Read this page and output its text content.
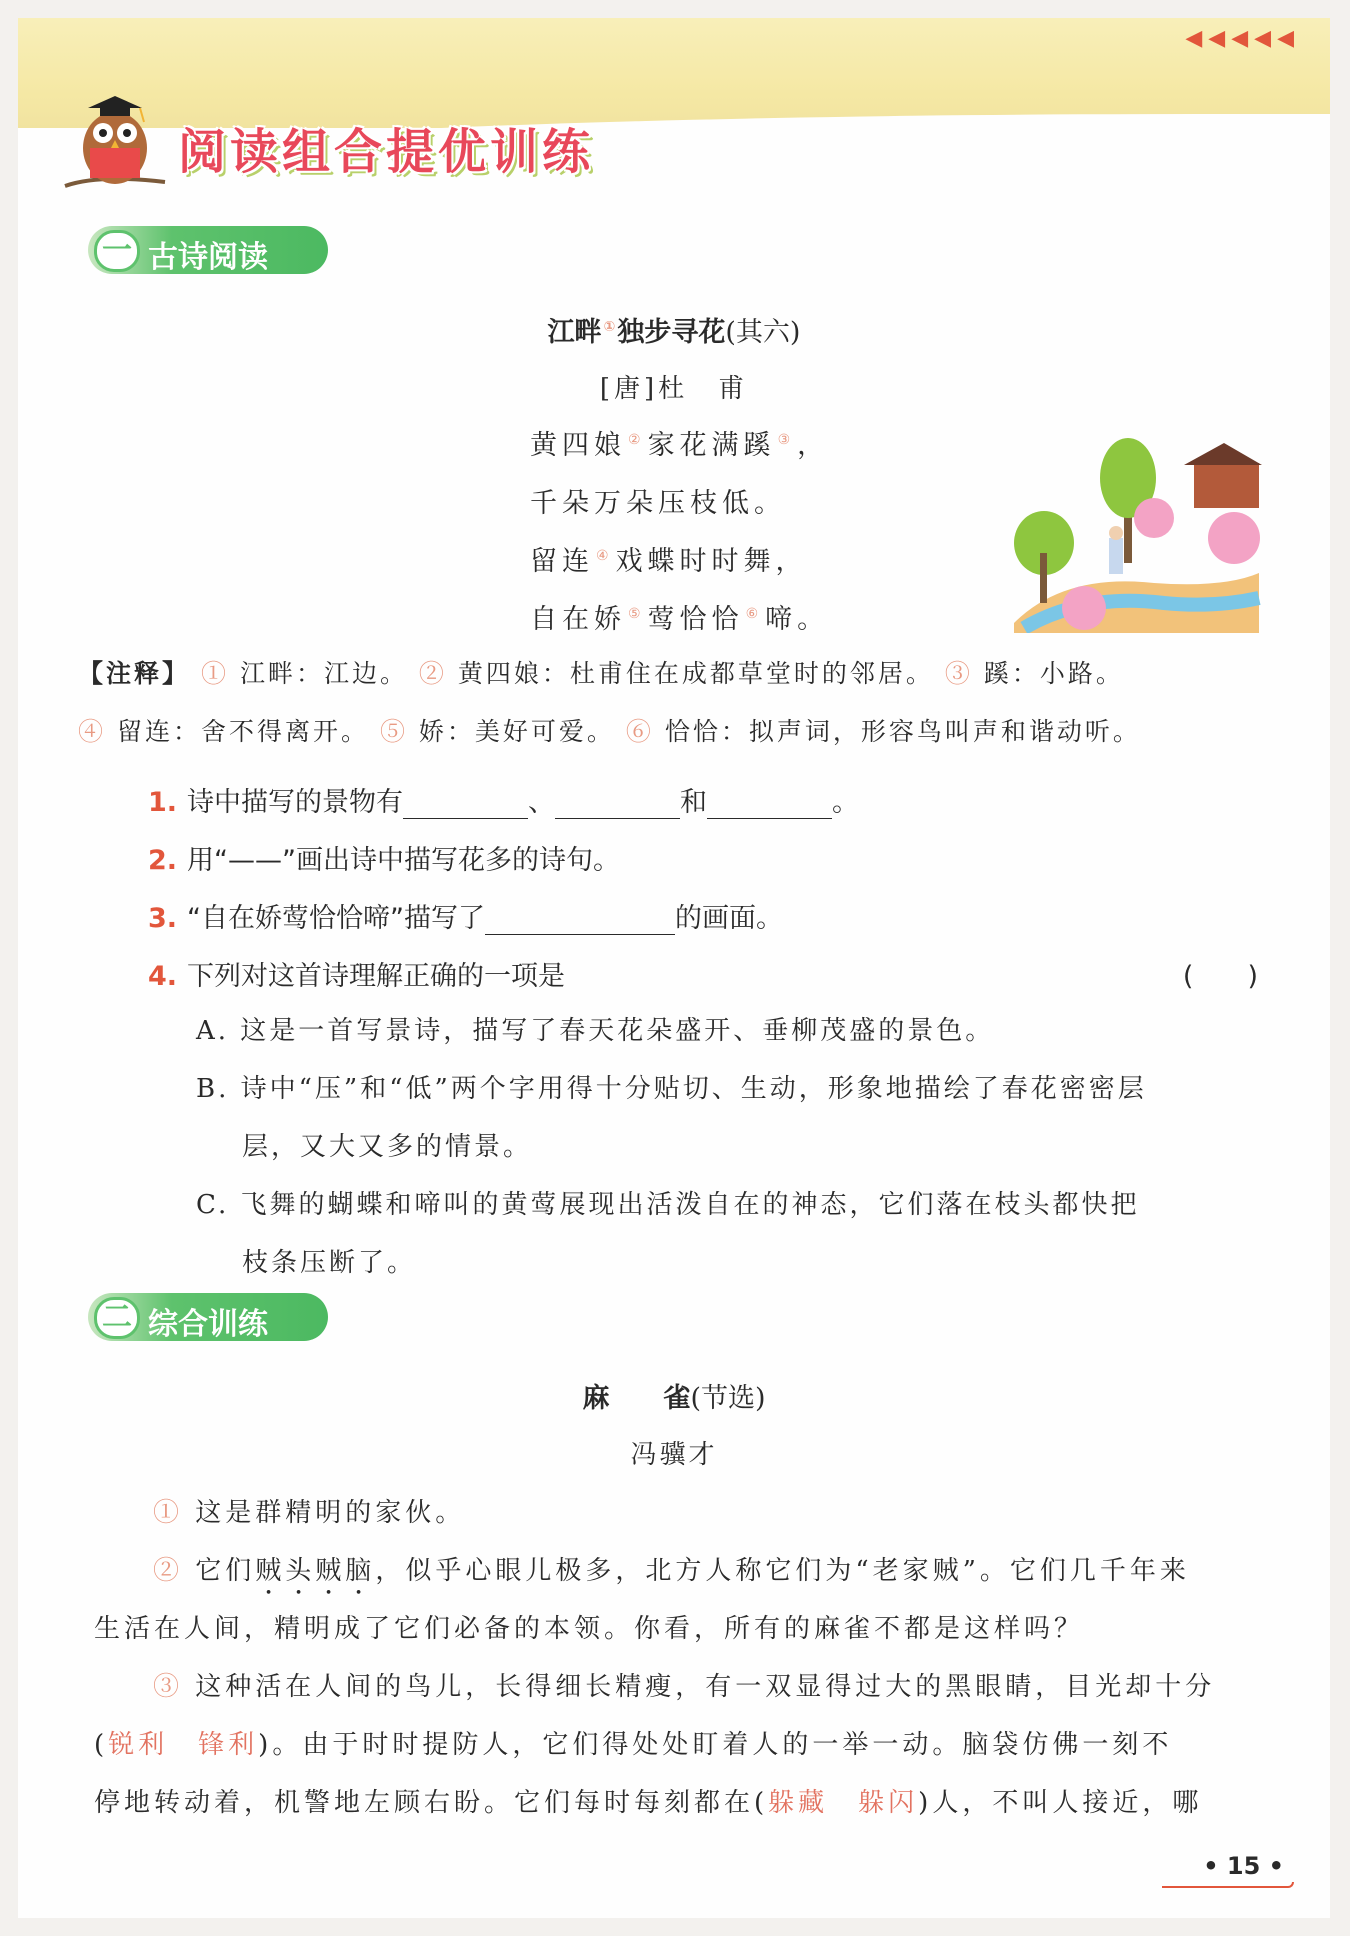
◀◀◀◀◀
阅读组合提优训练
一 古诗阅读
江畔 ①独步寻花(其六)
[唐]杜　甫
黄四娘 ②家花满蹊 ③，
千朵万朵压枝低。
留连 ④戏蝶时时舞，
自在娇 ⑤莺恰恰 ⑥啼。
【注释】 ① 江畔：江边。 ② 黄四娘：杜甫住在成都草堂时的邻居。 ③ 蹊：小路。
④ 留连：舍不得离开。 ⑤ 娇：美好可爱。 ⑥ 恰恰：拟声词，形容鸟叫声和谐动听。
1. 诗中描写的景物有	、	和	。
2. 用“——”画出诗中描写花多的诗句。
3. “自在娇莺恰恰啼”描写了	的画面。
4. 下列对这首诗理解正确的一项是	(　　)
A. 这是一首写景诗，描写了春天花朵盛开、垂柳茂盛的景色。
B. 诗中“压”和“低”两个字用得十分贴切、生动，形象地描绘了春花密密层
层，又大又多的情景。
C. 飞舞的蝴蝶和啼叫的黄莺展现出活泼自在的神态，它们落在枝头都快把
枝条压断了。
二 综合训练
麻　　雀(节选)
冯骥才
① 这是群精明的家伙。
② 它们贼头贼脑，似乎心眼儿极多，北方人称它们为“老家贼”。它们几千年来
生活在人间，精明成了它们必备的本领。你看，所有的麻雀不都是这样吗？
③ 这种活在人间的鸟儿，长得细长精瘦，有一双显得过大的黑眼睛，目光却十分
(锐利　锋利)。由于时时提防人，它们得处处盯着人的一举一动。脑袋仿佛一刻不
停地转动着，机警地左顾右盼。它们每时每刻都在(躲藏　躲闪)人，不叫人接近，哪
• 15 •
